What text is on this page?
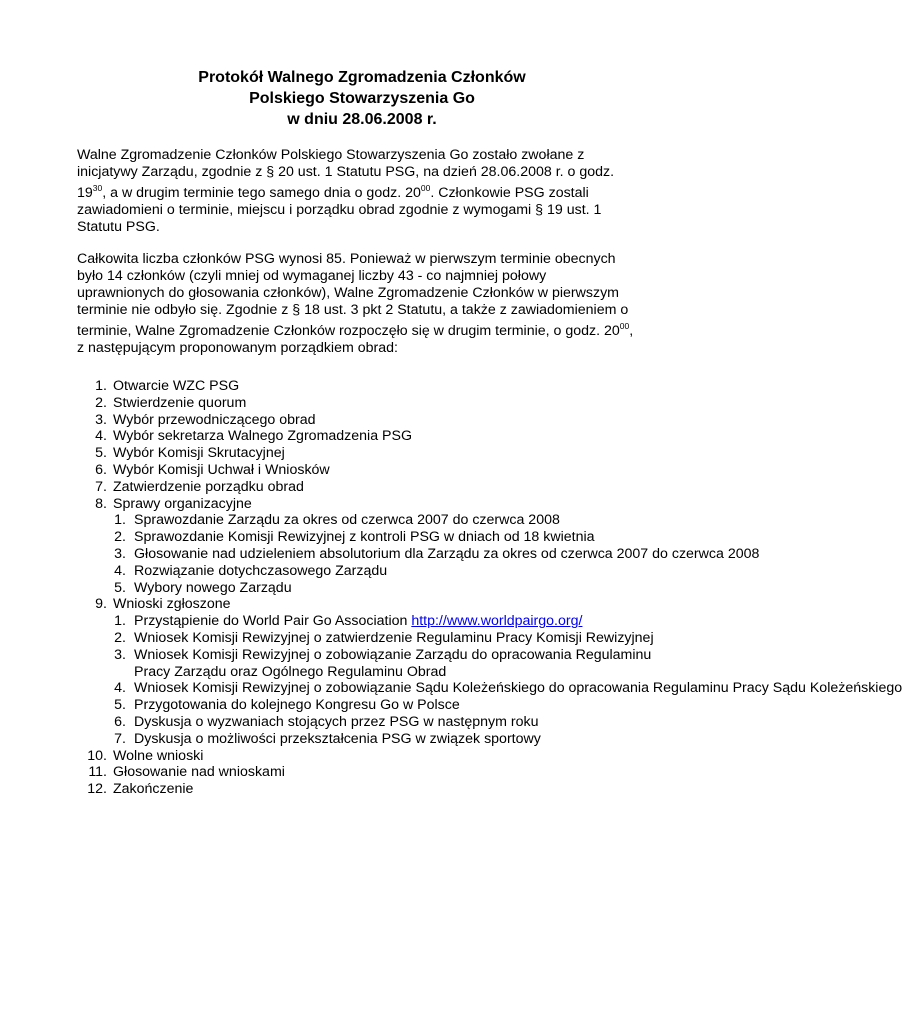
Protokół Walnego Zgromadzenia Członków
Polskiego Stowarzyszenia Go
w dniu 28.06.2008 r.
Walne Zgromadzenie Członków Polskiego Stowarzyszenia Go zostało zwołane z
inicjatywy Zarządu, zgodnie z § 20 ust. 1 Statutu PSG, na dzień 28.06.2008 r. o godz.
$19^{30}$, a w drugim terminie tego samego dnia o godz. $20^{00}$. Członkowie PSG zostali
zawiadomieni o terminie, miejscu i porządku obrad zgodnie z wymogami § 19 ust. 1
Statutu PSG.
Całkowita liczba członków PSG wynosi 85. Ponieważ w pierwszym terminie obecnych
było 14 członków (czyli mniej od wymaganej liczby 43 - co najmniej połowy
uprawnionych do głosowania członków), Walne Zgromadzenie Członków w pierwszym
terminie nie odbyło się. Zgodnie z § 18 ust. 3 pkt 2 Statutu, a także z zawiadomieniem o
terminie, Walne Zgromadzenie Członków rozpoczęło się w drugim terminie, o godz. $20^{00}$,
z następującym proponowanym porządkiem obrad:
1. Otwarcie WZC PSG
2. Stwierdzenie quorum
3. Wybór przewodniczącego obrad
4. Wybór sekretarza Walnego Zgromadzenia PSG
5. Wybór Komisji Skrutacyjnej
6. Wybór Komisji Uchwał i Wniosków
7. Zatwierdzenie porządku obrad
8. Sprawy organizacyjne
1. Sprawozdanie Zarządu za okres od czerwca 2007 do czerwca 2008
2. Sprawozdanie Komisji Rewizyjnej z kontroli PSG w dniach od 18 kwietnia
3. Głosowanie nad udzieleniem absolutorium dla Zarządu za okres od czerwca 2007 do czerwca 2008
4. Rozwiązanie dotychczasowego Zarządu
5. Wybory nowego Zarządu
9. Wnioski zgłoszone
1. Przystąpienie do World Pair Go Association http://www.worldpairgo.org/
2. Wniosek Komisji Rewizyjnej o zatwierdzenie Regulaminu Pracy Komisji Rewizyjnej
3. Wniosek Komisji Rewizyjnej o zobowiązanie Zarządu do opracowania Regulaminu Pracy Zarządu oraz Ogólnego Regulaminu Obrad
4. Wniosek Komisji Rewizyjnej o zobowiązanie Sądu Koleżeńskiego do opracowania Regulaminu Pracy Sądu Koleżeńskiego
5. Przygotowania do kolejnego Kongresu Go w Polsce
6. Dyskusja o wyzwaniach stojących przez PSG w następnym roku
7. Dyskusja o możliwości przekształcenia PSG w związek sportowy
10. Wolne wnioski
11. Głosowanie nad wnioskami
12. Zakończenie
